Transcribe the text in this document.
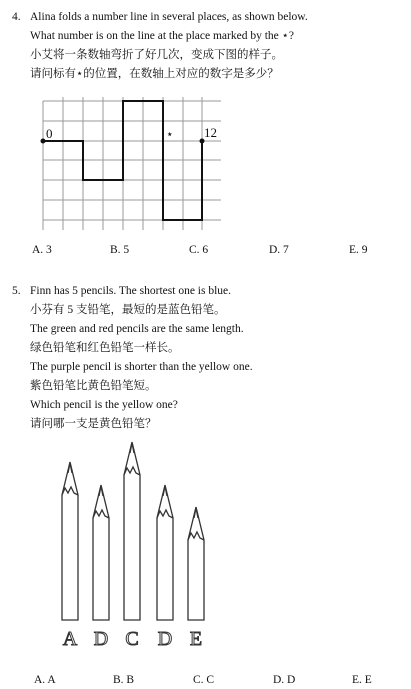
4. Alina folds a number line in several places, as shown below.
What number is on the line at the place marked by the ⋆?
小艾将一条数轴弯折了好几次，变成下图的样子。
请问标有⋆的位置，在数轴上对应的数字是多少？
0	12
⋆
A. 3	B. 5	C. 6	D. 7	E. 9
5. Finn has 5 pencils. The shortest one is blue.
小芬有 5 支铅笔，最短的是蓝色铅笔。
The green and red pencils are the same length.
绿色铅笔和红色铅笔一样长。
The purple pencil is shorter than the yellow one.
紫色铅笔比黄色铅笔短。
Which pencil is the yellow one?
请问哪一支是黄色铅笔？
A D C D E
A. A	B. B	C. C	D. D	E. E
